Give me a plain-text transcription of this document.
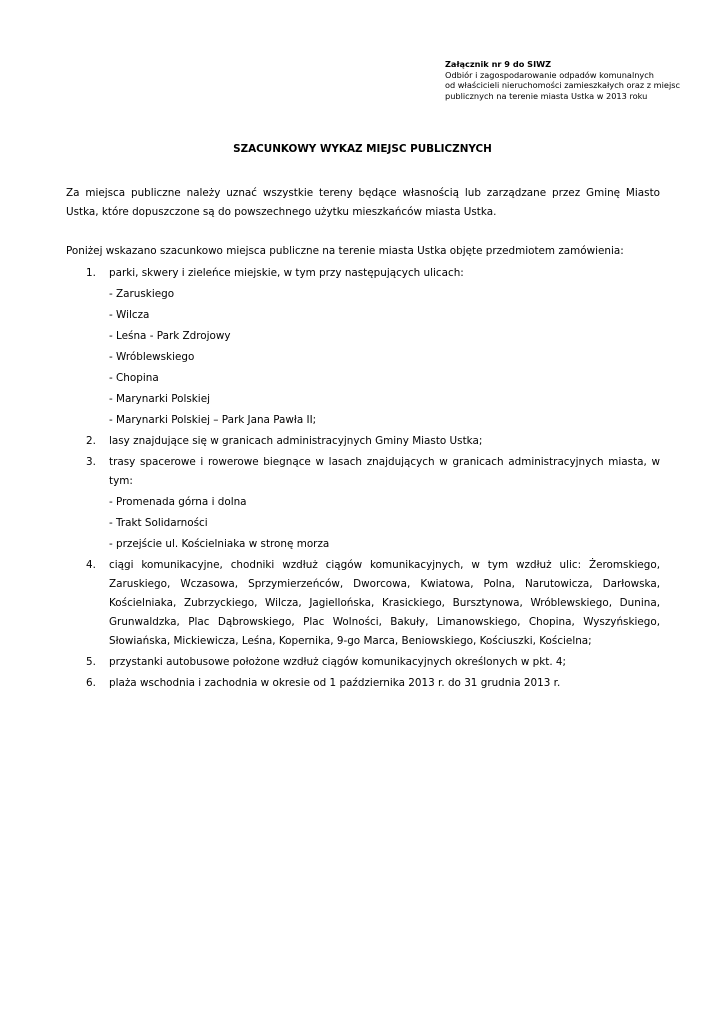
Załącznik nr 9 do SIWZ
Odbiór i zagospodarowanie odpadów komunalnych
od właścicieli nieruchomości zamieszkałych oraz z miejsc
publicznych na terenie miasta Ustka w 2013 roku
SZACUNKOWY WYKAZ MIEJSC PUBLICZNYCH
Za miejsca publiczne należy uznać wszystkie tereny będące własnością lub zarządzane przez Gminę Miasto Ustka, które dopuszczone są do powszechnego użytku mieszkańców miasta Ustka.
Poniżej wskazano szacunkowo miejsca publiczne na terenie miasta Ustka objęte przedmiotem zamówienia:
1. parki, skwery i zieleńce miejskie, w tym przy następujących ulicach:
- Zaruskiego
- Wilcza
- Leśna - Park Zdrojowy
- Wróblewskiego
- Chopina
- Marynarki Polskiej
- Marynarki Polskiej – Park Jana Pawła II;
2. lasy znajdujące się w granicach administracyjnych Gminy Miasto Ustka;
3. trasy spacerowe i rowerowe biegnące w lasach znajdujących w granicach administracyjnych miasta, w tym:
- Promenada górna i dolna
- Trakt Solidarności
- przejście ul. Kościelniaka w stronę morza
4. ciągi komunikacyjne, chodniki wzdłuż ciągów komunikacyjnych, w tym wzdłuż ulic: Żeromskiego, Zaruskiego, Wczasowa, Sprzymierzeńców, Dworcowa, Kwiatowa, Polna, Narutowicza, Darłowska, Kościelniaka, Zubrzyckiego, Wilcza, Jagiellońska, Krasickiego, Bursztynowa, Wróblewskiego, Dunina, Grunwaldzka, Plac Dąbrowskiego, Plac Wolności, Bakuły, Limanowskiego, Chopina, Wyszyńskiego, Słowiańska, Mickiewicza, Leśna, Kopernika, 9-go Marca, Beniowskiego, Kościuszki, Kościelna;
5. przystanki autobusowe położone wzdłuż ciągów komunikacyjnych określonych w pkt. 4;
6. plaża wschodnia i zachodnia w okresie od 1 października 2013 r. do 31 grudnia 2013 r.
